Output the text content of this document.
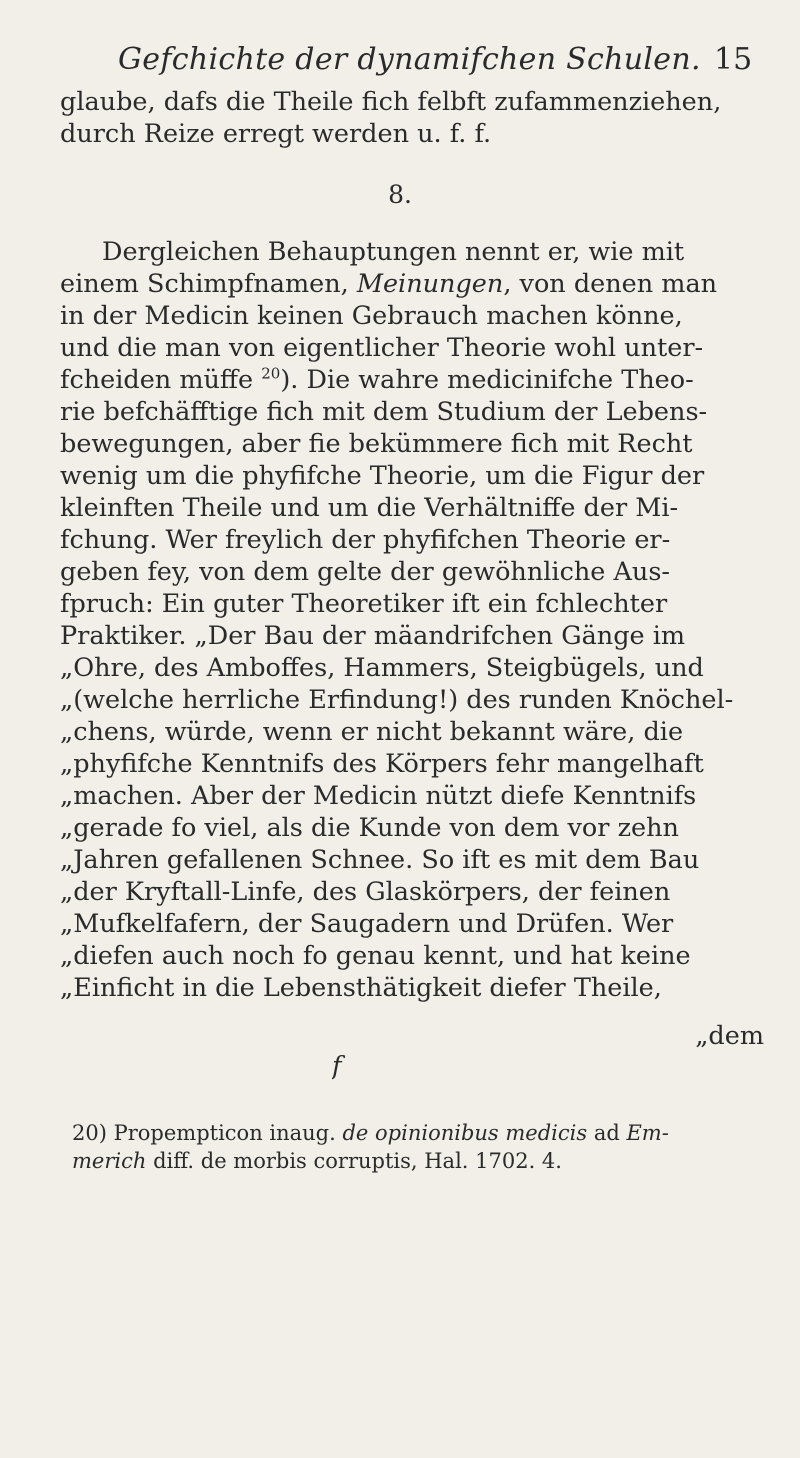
Gefchichte der dynamifchen Schulen. 15
glaube, dafs die Theile fich felbft zufammenziehen,
durch Reize erregt werden u. f. f.
8.
Dergleichen Behauptungen nennt er, wie mit
einem Schimpfnamen, Meinungen, von denen man
in der Medicin keinen Gebrauch machen könne,
und die man von eigentlicher Theorie wohl unter-
fcheiden müffe $^{20}$). Die wahre medicinifche Theo-
rie befchäfftige fich mit dem Studium der Lebens-
bewegungen, aber fie bekümmere fich mit Recht
wenig um die phyfifche Theorie, um die Figur der
kleinften Theile und um die Verhältniffe der Mi-
fchung. Wer freylich der phyfifchen Theorie er-
geben fey, von dem gelte der gewöhnliche Aus-
fpruch: Ein guter Theoretiker ift ein fchlechter
Praktiker. „Der Bau der mäandrifchen Gänge im
„Ohre, des Amboffes, Hammers, Steigbügels, und
„(welche herrliche Erfindung!) des runden Knöchel-
„chens, würde, wenn er nicht bekannt wäre, die
„phyfifche Kenntnifs des Körpers fehr mangelhaft
„machen. Aber der Medicin nützt diefe Kenntnifs
„gerade fo viel, als die Kunde von dem vor zehn
„Jahren gefallenen Schnee. So ift es mit dem Bau
„der Kryftall-Linfe, des Glaskörpers, der feinen
„Mufkelfafern, der Saugadern und Drüfen. Wer
„diefen auch noch fo genau kennt, und hat keine
„Einficht in die Lebensthätigkeit diefer Theile,
„dem
f
20) Propempticon inaug. de opinionibus medicis ad Em-
merich diff. de morbis corruptis, Hal. 1702. 4.
